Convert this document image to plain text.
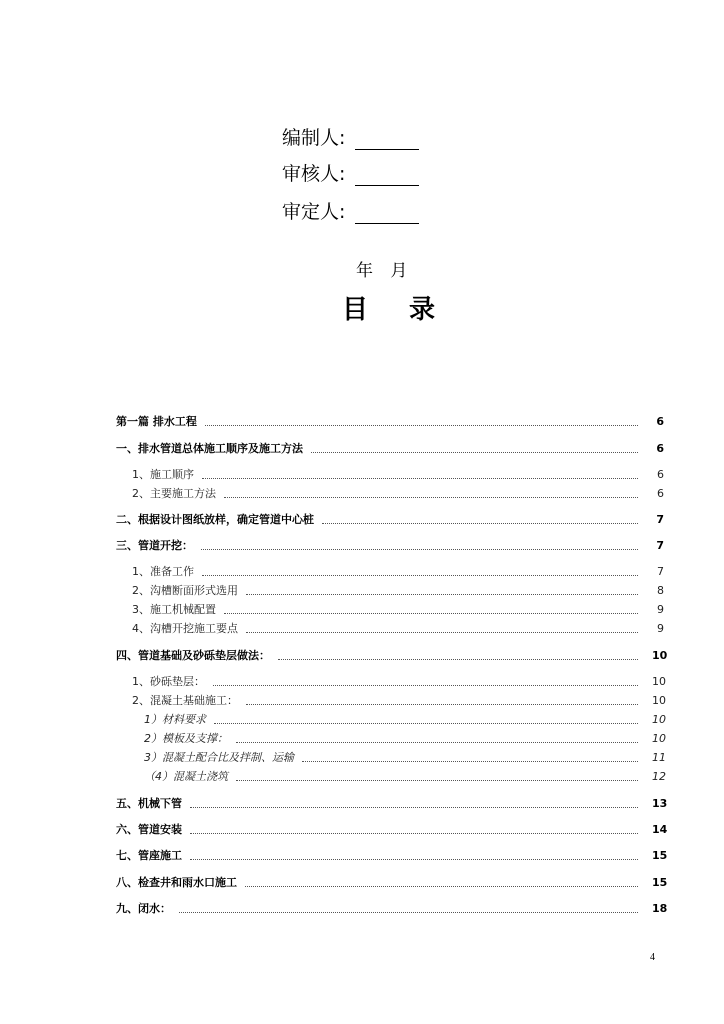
编制人:
审核人:
审定人:
年 月
目 录
第一篇 排水工程	6
一、排水管道总体施工顺序及施工方法	6
1、施工顺序	6
2、主要施工方法	6
二、根据设计图纸放样，确定管道中心桩	7
三、管道开挖：	7
1、准备工作	7
2、沟槽断面形式选用	8
3、施工机械配置	9
4、沟槽开挖施工要点	9
四、管道基础及砂砾垫层做法：	10
1、砂砾垫层：	10
2、混凝土基础施工：	10
1）材料要求	10
2）模板及支撑：	10
3）混凝土配合比及拌制、运输	11
（4）混凝土浇筑	12
五、机械下管	13
六、管道安装	14
七、管座施工	15
八、检查井和雨水口施工	15
九、闭水：	18
4
